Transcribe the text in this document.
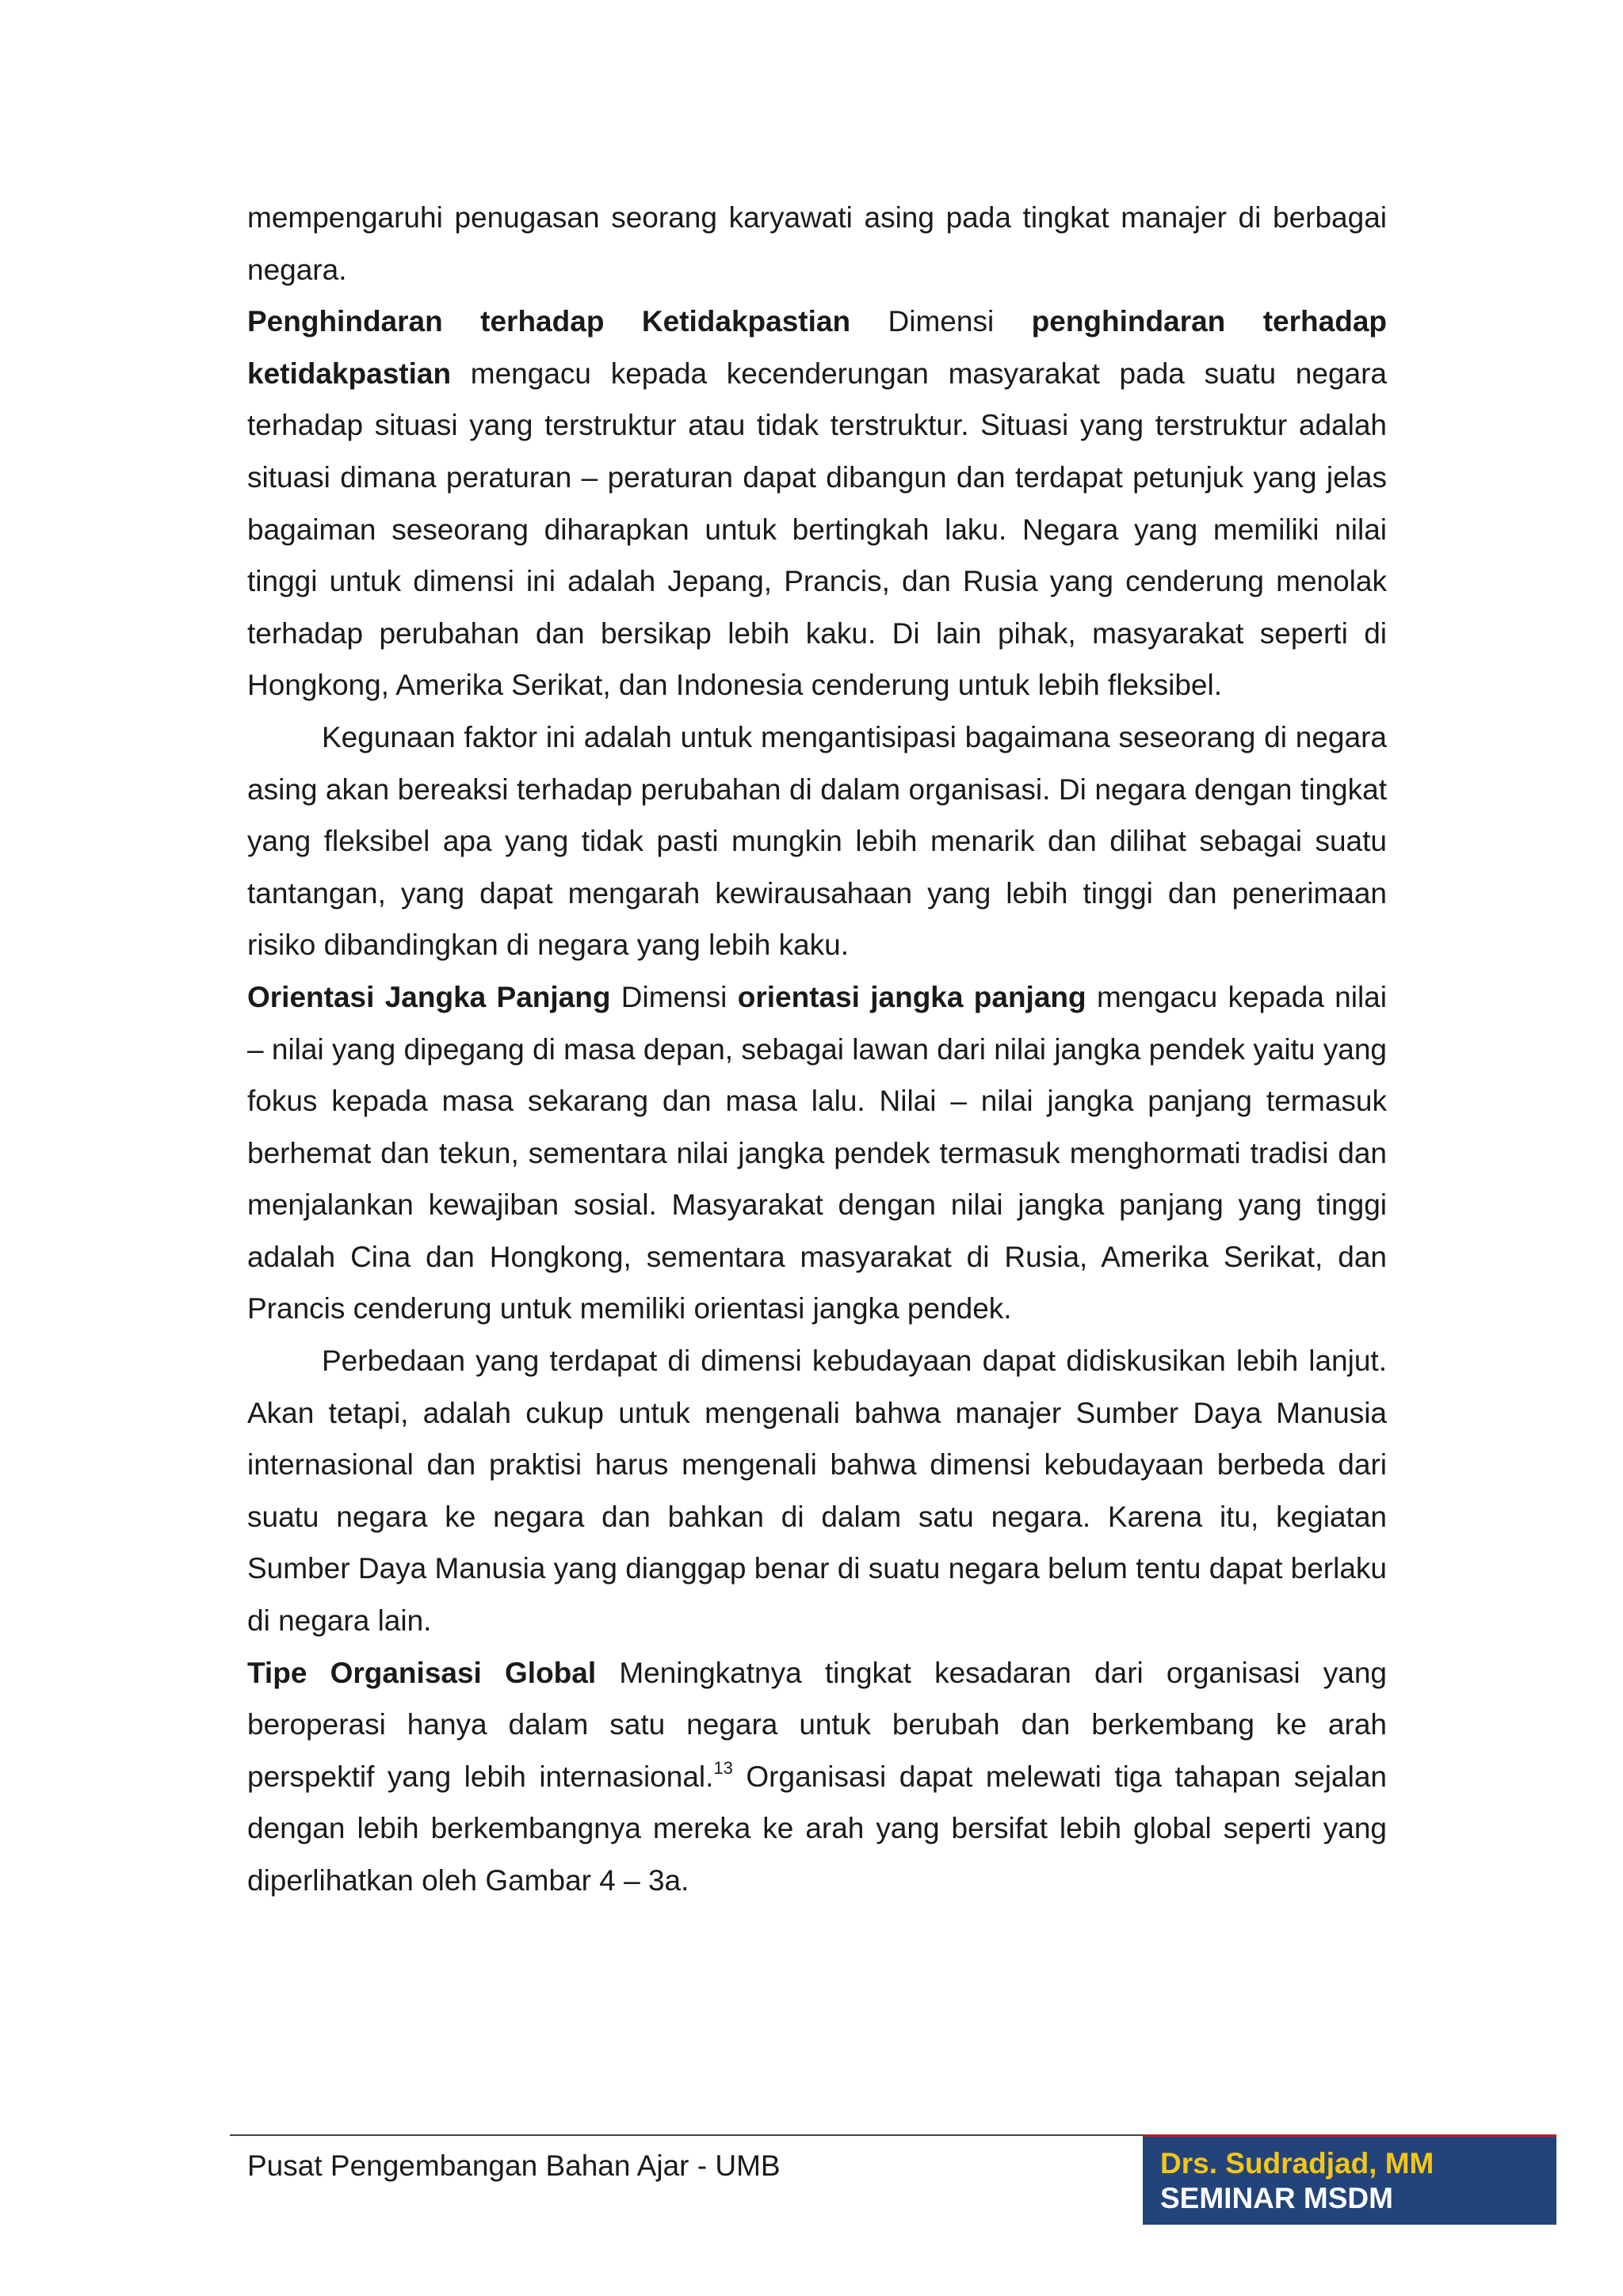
mempengaruhi penugasan seorang karyawati asing pada tingkat manajer di berbagai negara.

Penghindaran terhadap Ketidakpastian Dimensi penghindaran terhadap ketidakpastian mengacu kepada kecenderungan masyarakat pada suatu negara terhadap situasi yang terstruktur atau tidak terstruktur. Situasi yang terstruktur adalah situasi dimana peraturan – peraturan dapat dibangun dan terdapat petunjuk yang jelas bagaiman seseorang diharapkan untuk bertingkah laku. Negara yang memiliki nilai tinggi untuk dimensi ini adalah Jepang, Prancis, dan Rusia yang cenderung menolak terhadap perubahan dan bersikap lebih kaku. Di lain pihak, masyarakat seperti di Hongkong, Amerika Serikat, dan Indonesia cenderung untuk lebih fleksibel.

Kegunaan faktor ini adalah untuk mengantisipasi bagaimana seseorang di negara asing akan bereaksi terhadap perubahan di dalam organisasi. Di negara dengan tingkat yang fleksibel apa yang tidak pasti mungkin lebih menarik dan dilihat sebagai suatu tantangan, yang dapat mengarah kewirausahaan yang lebih tinggi dan penerimaan risiko dibandingkan di negara yang lebih kaku.

Orientasi Jangka Panjang Dimensi orientasi jangka panjang mengacu kepada nilai – nilai yang dipegang di masa depan, sebagai lawan dari nilai jangka pendek yaitu yang fokus kepada masa sekarang dan masa lalu. Nilai – nilai jangka panjang termasuk berhemat dan tekun, sementara nilai jangka pendek termasuk menghormati tradisi dan menjalankan kewajiban sosial. Masyarakat dengan nilai jangka panjang yang tinggi adalah Cina dan Hongkong, sementara masyarakat di Rusia, Amerika Serikat, dan Prancis cenderung untuk memiliki orientasi jangka pendek.

Perbedaan yang terdapat di dimensi kebudayaan dapat didiskusikan lebih lanjut. Akan tetapi, adalah cukup untuk mengenali bahwa manajer Sumber Daya Manusia internasional dan praktisi harus mengenali bahwa dimensi kebudayaan berbeda dari suatu negara ke negara dan bahkan di dalam satu negara. Karena itu, kegiatan Sumber Daya Manusia yang dianggap benar di suatu negara belum tentu dapat berlaku di negara lain.

Tipe Organisasi Global Meningkatnya tingkat kesadaran dari organisasi yang beroperasi hanya dalam satu negara untuk berubah dan berkembang ke arah perspektif yang lebih internasional.$^{13}$ Organisasi dapat melewati tiga tahapan sejalan dengan lebih berkembangnya mereka ke arah yang bersifat lebih global seperti yang diperlihatkan oleh Gambar 4 – 3a.

Pusat Pengembangan Bahan Ajar - UMB	Drs. Sudradjad, MM
SEMINAR MSDM
